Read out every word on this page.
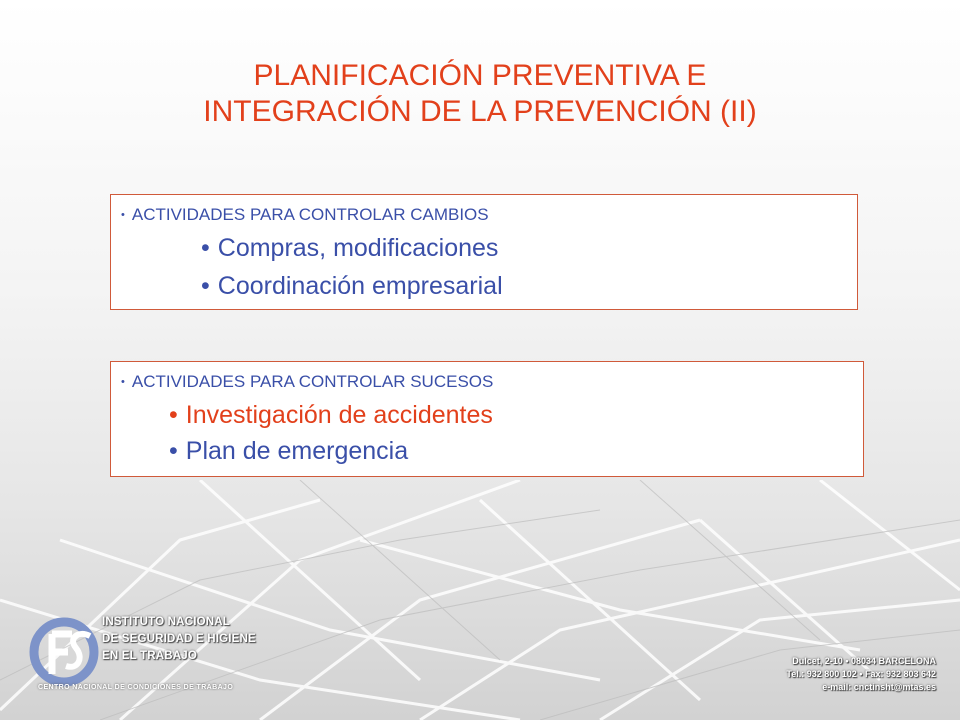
PLANIFICACIÓN PREVENTIVA E
INTEGRACIÓN DE LA PREVENCIÓN (II)
• ACTIVIDADES PARA CONTROLAR CAMBIOS
• Compras, modificaciones
• Coordinación empresarial
• ACTIVIDADES PARA CONTROLAR SUCESOS
• Investigación de accidentes
• Plan de emergencia
INSTITUTO NACIONAL
DE SEGURIDAD E HIGIENE
EN EL TRABAJO
CENTRO NACIONAL DE CONDICIONES DE TRABAJO
Dulcet, 2-10 • 08034 BARCELONA
Tel.: 932 800 102 • Fax: 932 803 642
e-mail: cnctinsht@mtas.es
